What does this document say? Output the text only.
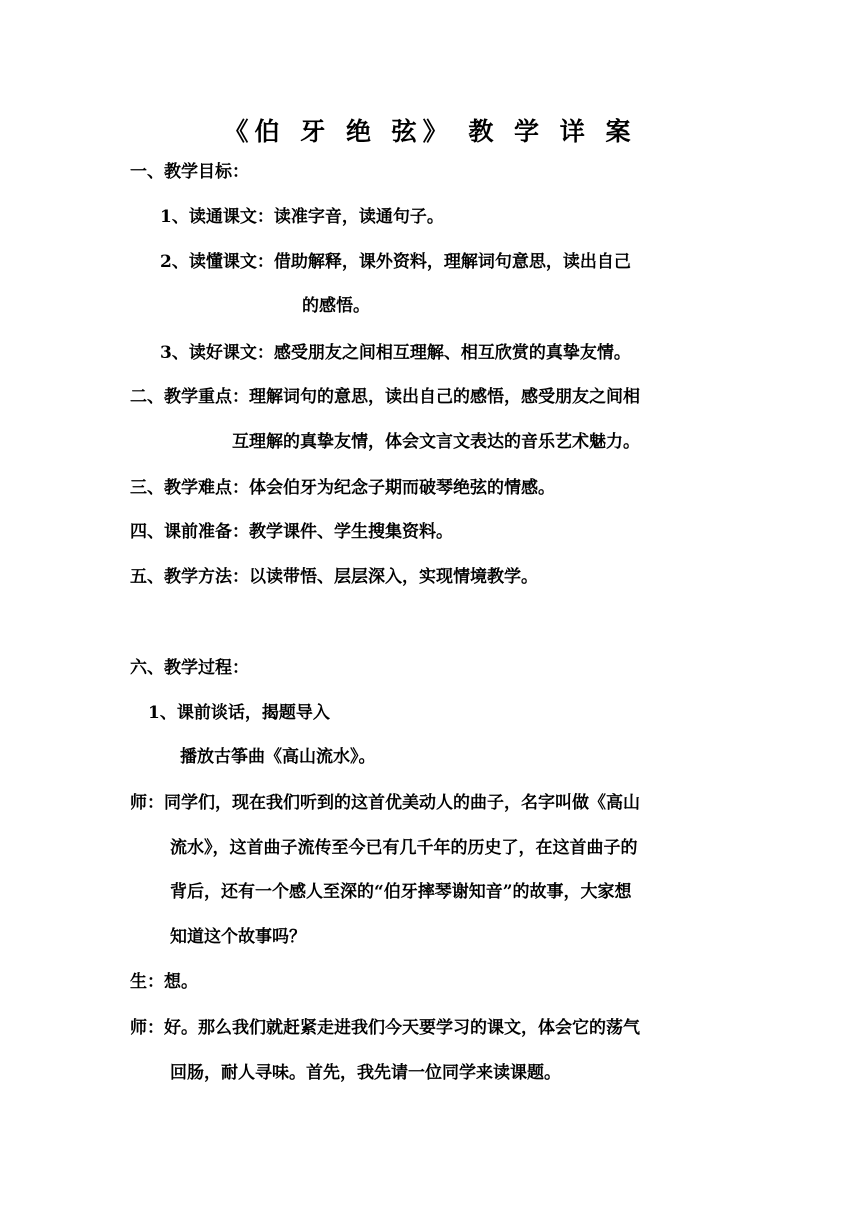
《伯 牙 绝 弦》 教 学 详 案
一、教学目标：
1、读通课文：读准字音，读通句子。
2、读懂课文：借助解释，课外资料，理解词句意思，读出自己
的感悟。
3、读好课文：感受朋友之间相互理解、相互欣赏的真挚友情。
二、教学重点：理解词句的意思，读出自己的感悟，感受朋友之间相
互理解的真挚友情，体会文言文表达的音乐艺术魅力。
三、教学难点：体会伯牙为纪念子期而破琴绝弦的情感。
四、课前准备：教学课件、学生搜集资料。
五、教学方法：以读带悟、层层深入，实现情境教学。
六、教学过程：
1、课前谈话，揭题导入
播放古筝曲《高山流水》。
师：同学们，现在我们听到的这首优美动人的曲子，名字叫做《高山
流水》，这首曲子流传至今已有几千年的历史了，在这首曲子的
背后，还有一个感人至深的“伯牙摔琴谢知音”的故事，大家想
知道这个故事吗？
生：想。
师：好。那么我们就赶紧走进我们今天要学习的课文，体会它的荡气
回肠，耐人寻味。首先，我先请一位同学来读课题。
